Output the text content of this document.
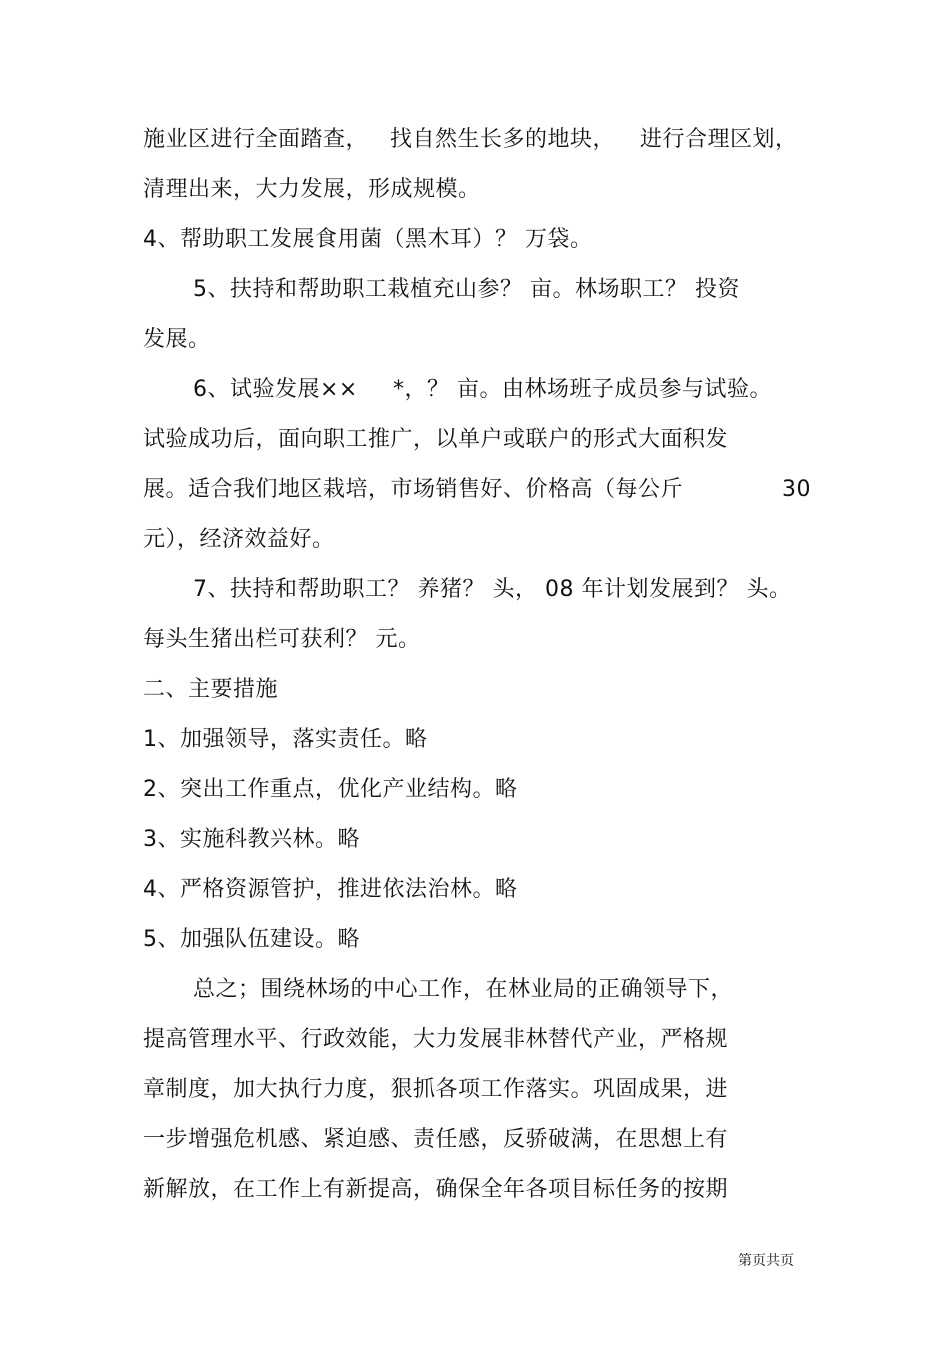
施业区进行全面踏查，

找自然生长多的地块，

进行合理区划，

清理出来，大力发展，形成规模。
4、帮助职工发展食用菌（黑木耳）？ 万袋。
5、扶持和帮助职工栽植充山参？ 亩。林场职工？ 投资
发展。

6、试验发展××

*，？ 亩。由林场班子成员参与试验。

试验成功后，面向职工推广，以单户或联户的形式大面积发

展。适合我们地区栽培，市场销售好、价格高（每公斤

	30

元），经济效益好。

7、扶持和帮助职工？ 养猪？ 头，

08 年计划发展到？ 头。

每头生猪出栏可获利？ 元。
二、主要措施
1、加强领导，落实责任。略
2、突出工作重点，优化产业结构。略
3、实施科教兴林。略
4、严格资源管护，推进依法治林。略
5、加强队伍建设。略
总之；围绕林场的中心工作，在林业局的正确领导下，
提高管理水平、行政效能，大力发展非林替代产业，严格规
章制度，加大执行力度，狠抓各项工作落实。巩固成果，进
一步增强危机感、紧迫感、责任感，反骄破满，在思想上有
新解放，在工作上有新提高，确保全年各项目标任务的按期
第页共页
